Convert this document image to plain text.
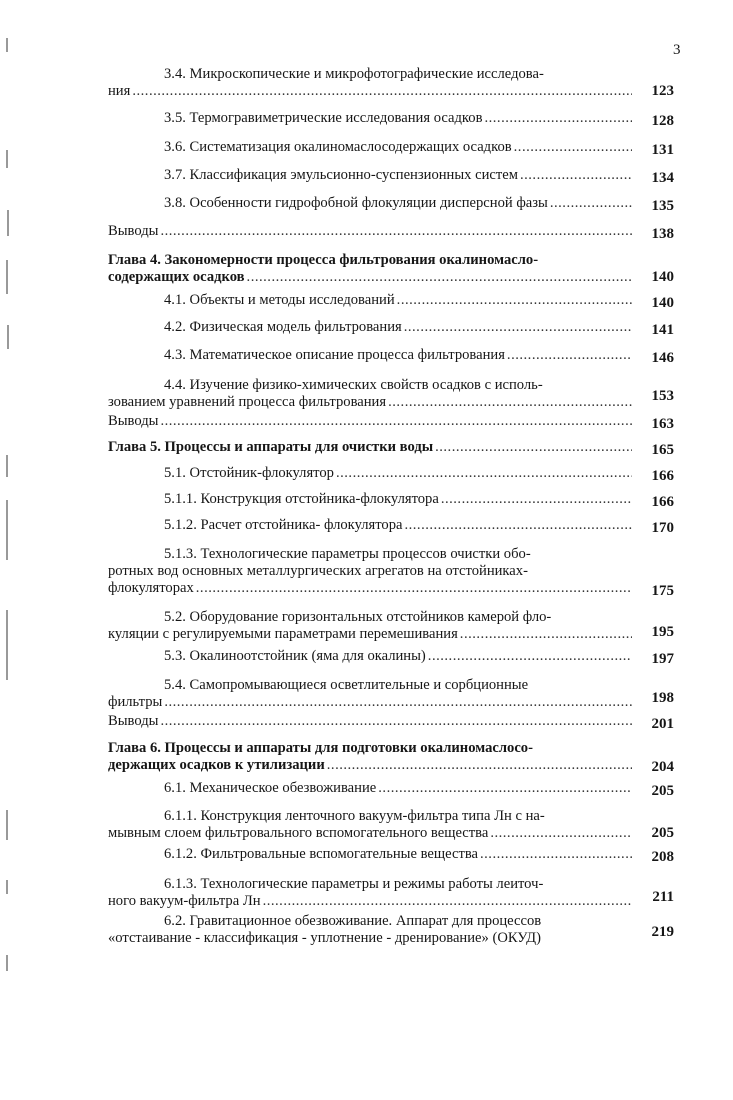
3
3.4. Микроскопические и микрофотографические исследова-
ния .....	123
3.5. Термогравиметрические исследования осадков .....	128
3.6. Систематизация окалиномаслосодержащих осадков .....	131
3.7. Классификация эмульсионно-суспензионных систем .....	134
3.8. Особенности гидрофобной флокуляции дисперсной фазы .....	135
Выводы .....	138
Глава 4. Закономерности процесса фильтрования окалиномасло-
содержащих осадков .....	140
4.1. Объекты и методы исследований .....	140
4.2. Физическая модель фильтрования .....	141
4.3. Математическое описание процесса фильтрования .....	146
4.4. Изучение физико-химических свойств осадков с исполь-
зованием уравнений процесса фильтрования .....	153
Выводы .....	163
Глава 5. Процессы и аппараты для очистки воды .....	165
5.1. Отстойник-флокулятор .....	166
5.1.1. Конструкция отстойника-флокулятора .....	166
5.1.2. Расчет отстойника- флокулятора .....	170
5.1.3. Технологические параметры процессов очистки обо-
ротных вод основных металлургических агрегатов на отстойниках-
флокуляторах .....	175
5.2. Оборудование горизонтальных отстойников камерой фло-
куляции с регулируемыми параметрами перемешивания .....	195
5.3. Окалиноотстойник (яма для окалины) .....	197
5.4. Самопромывающиеся осветлительные и сорбционные
фильтры .....	198
Выводы .....	201
Глава 6. Процессы и аппараты для подготовки окалиномаслосо-
держащих осадков к утилизации .....	204
6.1. Механическое обезвоживание .....	205
6.1.1. Конструкция ленточного вакуум-фильтра типа Лн с на-
мывным слоем фильтровального вспомогательного вещества .....	205
6.1.2. Фильтровальные вспомогательные вещества .....	208
6.1.3. Технологические параметры и режимы работы леиточ-
ного вакуум-фильтра Лн .....	211
6.2. Гравитационное обезвоживание. Аппарат для процессов
«отстаивание - классификация - уплотнение - дренирование» (ОКУД)	219
